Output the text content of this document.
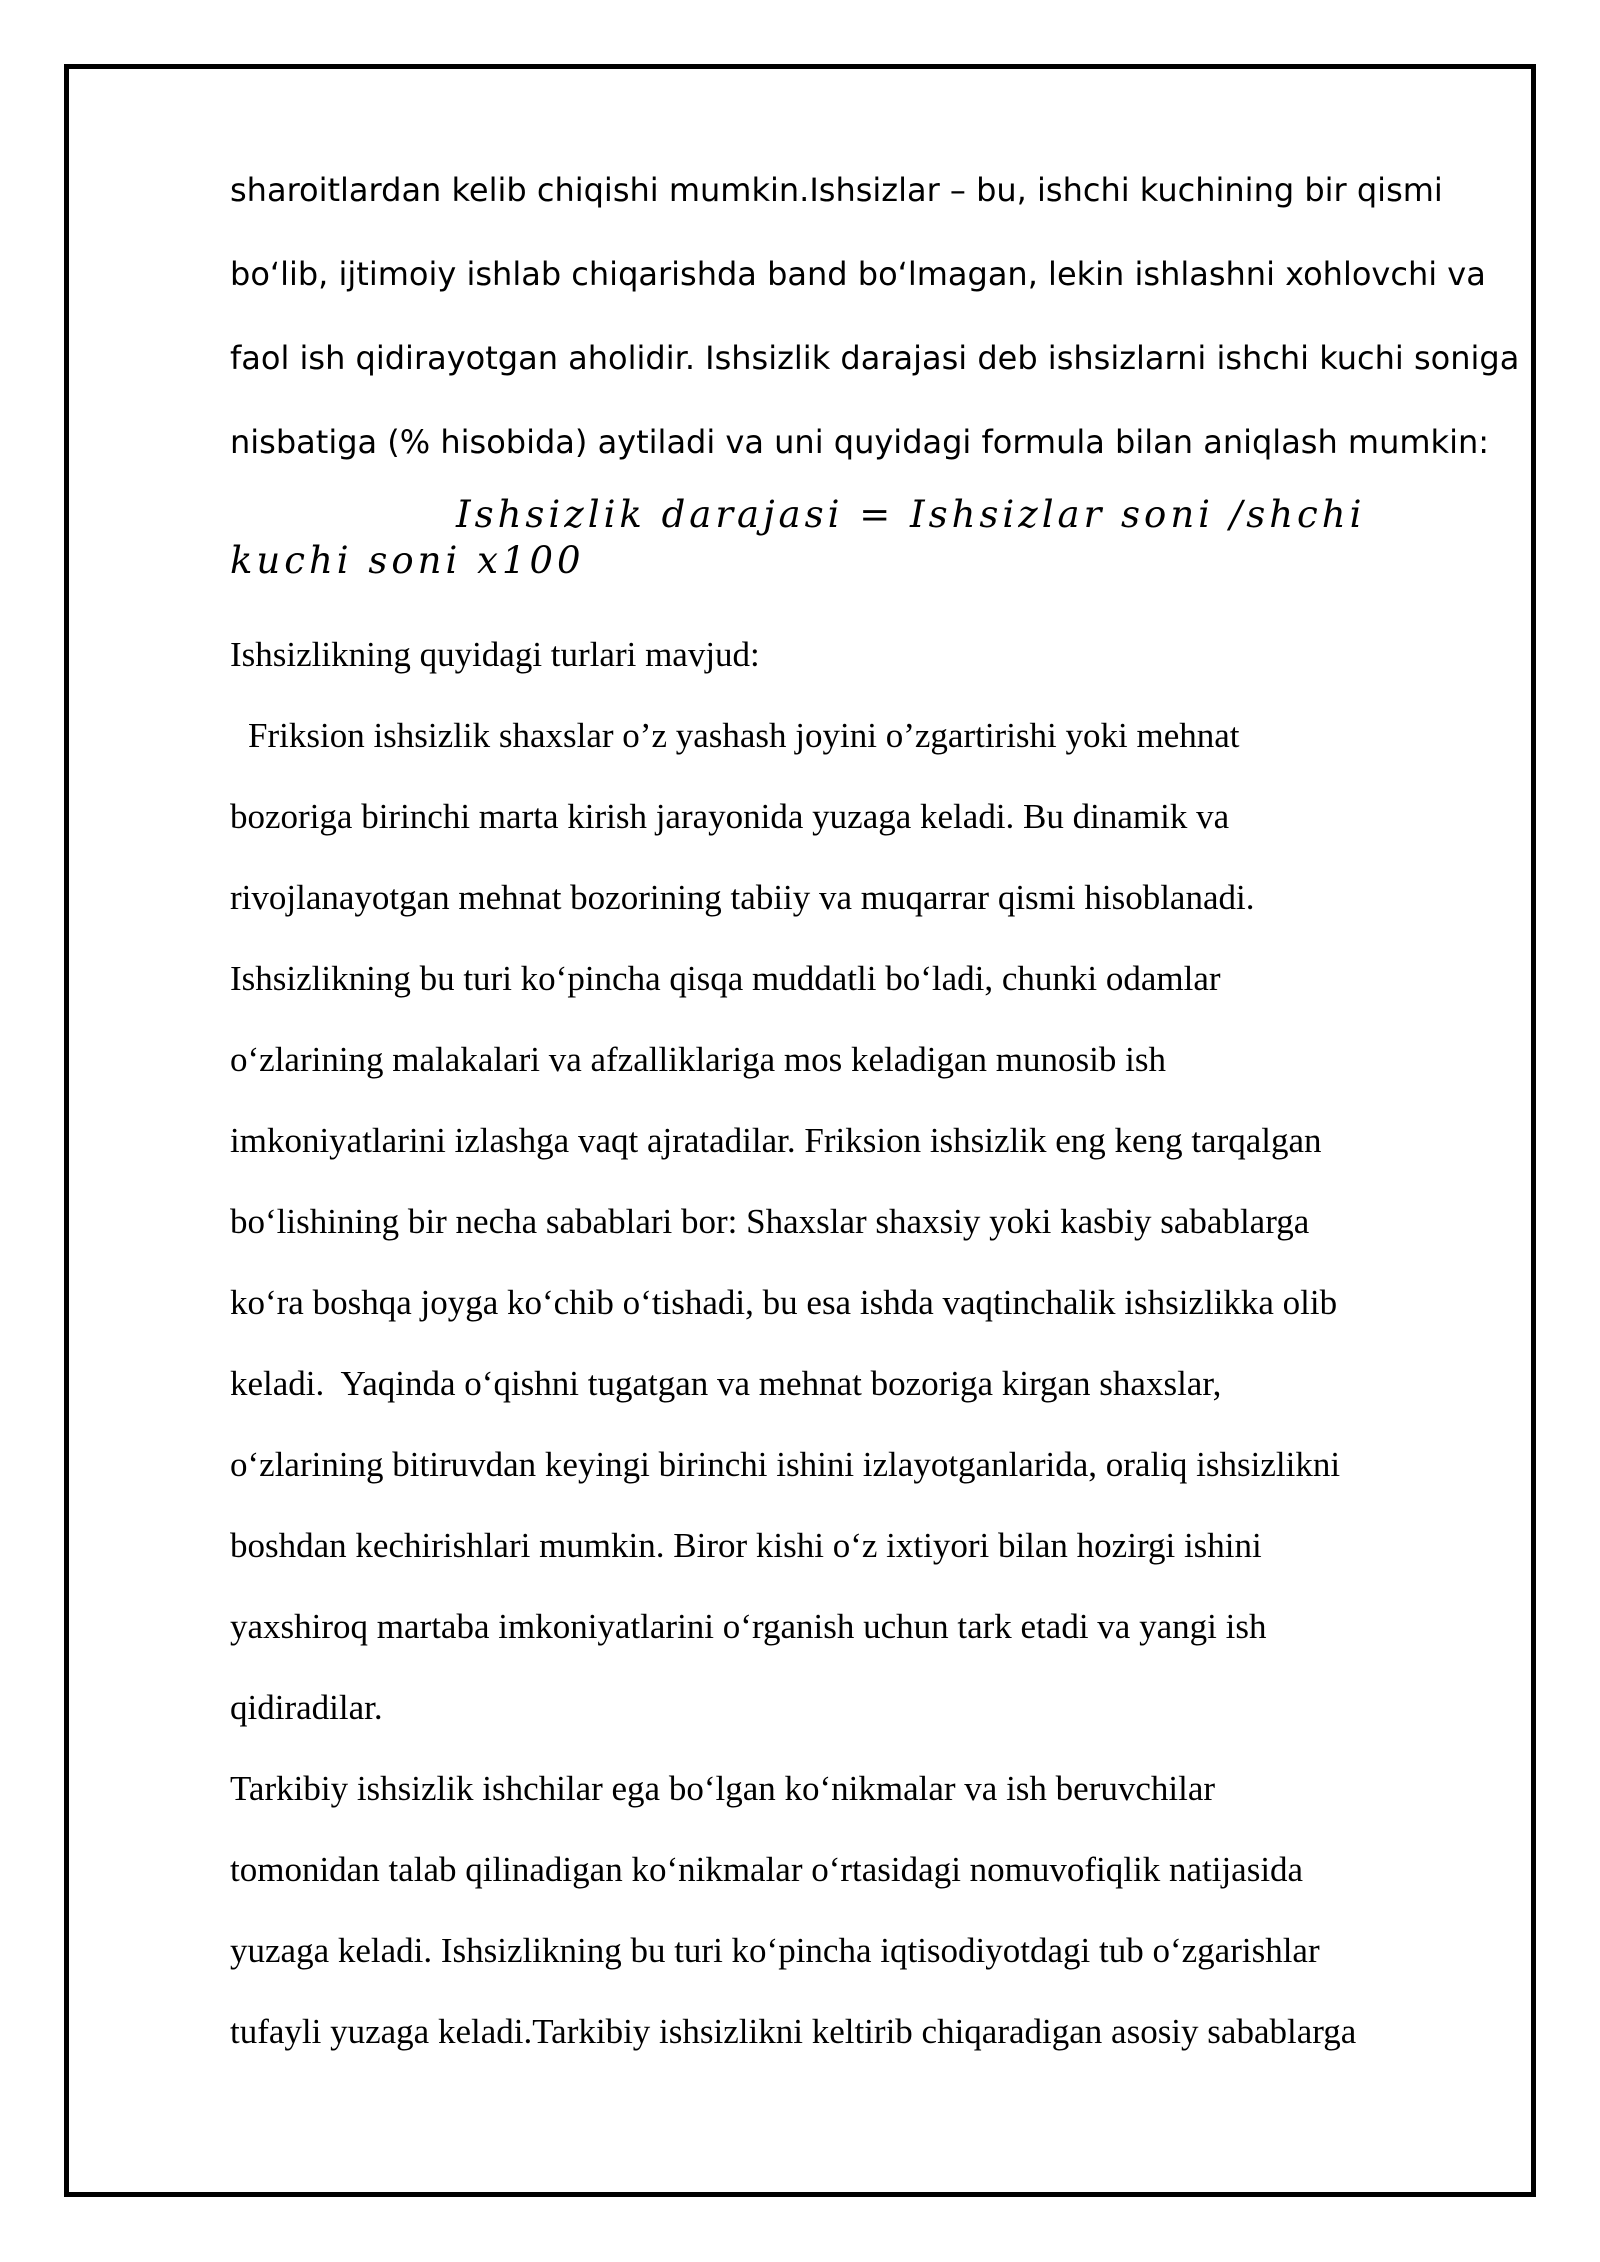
sharoitlardan kelib chiqishi mumkin.Ishsizlar – bu, ishchi kuchining bir qismi

boʻlib, ijtimoiy ishlab chiqarishda band boʻlmagan, lekin ishlashni xohlovchi va

faol ish qidirayotgan aholidir. Ishsizlik darajasi deb ishsizlarni ishchi kuchi soniga

nisbatiga (% hisobida) aytiladi va uni quyidagi formula bilan aniqlash mumkin:

Ishsizlik darajasi = Ishsizlar soni /shchi
kuchi soni x100

Ishsizlikning quyidagi turlari mavjud:

Friksion ishsizlik shaxslar o’z yashash joyini o’zgartirishi yoki mehnat

bozoriga birinchi marta kirish jarayonida yuzaga keladi. Bu dinamik va

rivojlanayotgan mehnat bozorining tabiiy va muqarrar qismi hisoblanadi.

Ishsizlikning bu turi koʻpincha qisqa muddatli boʻladi, chunki odamlar

oʻzlarining malakalari va afzalliklariga mos keladigan munosib ish

imkoniyatlarini izlashga vaqt ajratadilar. Friksion ishsizlik eng keng tarqalgan

boʻlishining bir necha sabablari bor: Shaxslar shaxsiy yoki kasbiy sabablarga

koʻra boshqa joyga koʻchib oʻtishadi, bu esa ishda vaqtinchalik ishsizlikka olib

keladi.  Yaqinda oʻqishni tugatgan va mehnat bozoriga kirgan shaxslar,

oʻzlarining bitiruvdan keyingi birinchi ishini izlayotganlarida, oraliq ishsizlikni

boshdan kechirishlari mumkin. Biror kishi oʻz ixtiyori bilan hozirgi ishini

yaxshiroq martaba imkoniyatlarini oʻrganish uchun tark etadi va yangi ish

qidiradilar.

Tarkibiy ishsizlik ishchilar ega boʻlgan koʻnikmalar va ish beruvchilar

tomonidan talab qilinadigan koʻnikmalar oʻrtasidagi nomuvofiqlik natijasida

yuzaga keladi. Ishsizlikning bu turi koʻpincha iqtisodiyotdagi tub oʻzgarishlar

tufayli yuzaga keladi.Tarkibiy ishsizlikni keltirib chiqaradigan asosiy sabablarga
